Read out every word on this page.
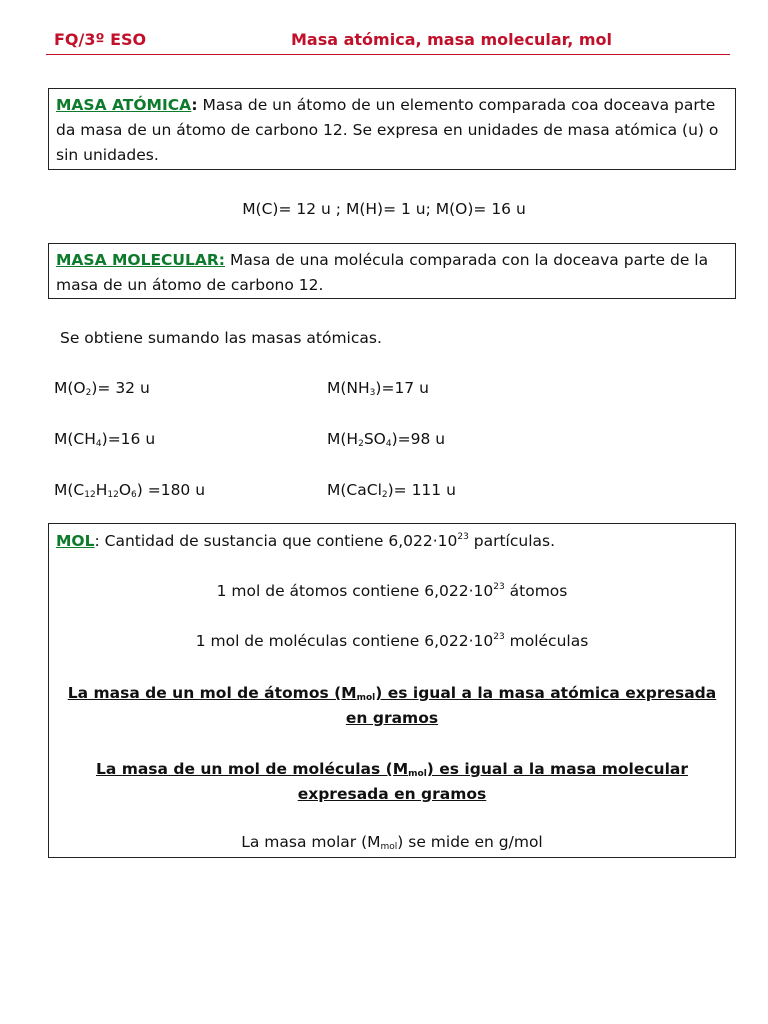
FQ/3º ESO	Masa atómica, masa molecular, mol

MASA ATÓMICA: Masa de un átomo de un elemento comparada coa doceava parte da masa de un átomo de carbono 12. Se expresa en unidades de masa atómica (u) o sin unidades.

M(C)= 12 u ; M(H)= 1 u; M(O)= 16 u

MASA MOLECULAR: Masa de una molécula comparada con la doceava parte de la masa de un átomo de carbono 12.

Se obtiene sumando las masas atómicas.
$M(O_2)= 32$ u	$M(NH_3)=17$ u
$M(CH_4)=16$ u	$M(H_2SO_4)=98$ u
$M(C_{12}H_{12}O_6) =180$ u	M(CaCl$_2$)= 111 u
MOL: Cantidad de sustancia que contiene $6,022\cdot 10^{23}$ partículas.
1 mol de átomos contiene $6,022\cdot 10^{23}$ átomos
1 mol de moléculas contiene $6,022\cdot 10^{23}$ moléculas
La masa de un mol de átomos $(M_{mol})$ es igual a la masa atómica expresada
en gramos
La masa de un mol de moléculas $(M_{mol})$ es igual a la masa molecular
expresada en gramos
La masa molar $(M_{mol})$ se mide en g/mol
